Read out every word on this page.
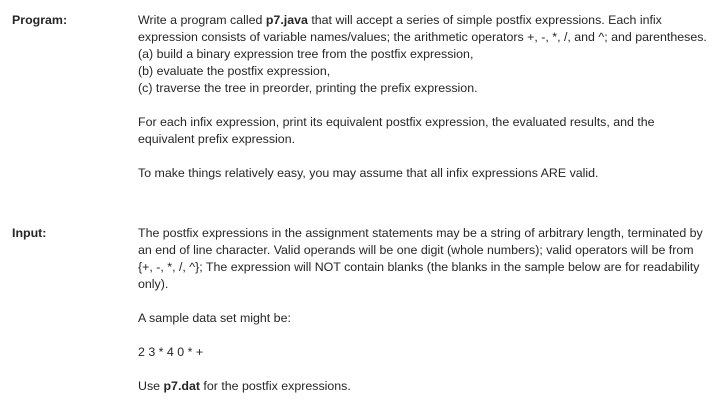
Program:	Write a program called p7.java that will accept a series of simple postfix expressions. Each infix expression consists of variable names/values; the arithmetic operators +, -, *, /, and ^; and parentheses.

(a) build a binary expression tree from the postfix expression,
(b) evaluate the postfix expression,
(c) traverse the tree in preorder, printing the prefix expression.

For each infix expression, print its equivalent postfix expression, the evaluated results, and the equivalent prefix expression.

To make things relatively easy, you may assume that all infix expressions ARE valid.

Input:	The postfix expressions in the assignment statements may be a string of arbitrary length, terminated by an end of line character. Valid operands will be one digit (whole numbers); valid operators will be from {+, -, *, /, ^}; The expression will NOT contain blanks (the blanks in the sample below are for readability only).

A sample data set might be:

2 3 * 4 0 * +

Use p7.dat for the postfix expressions.
